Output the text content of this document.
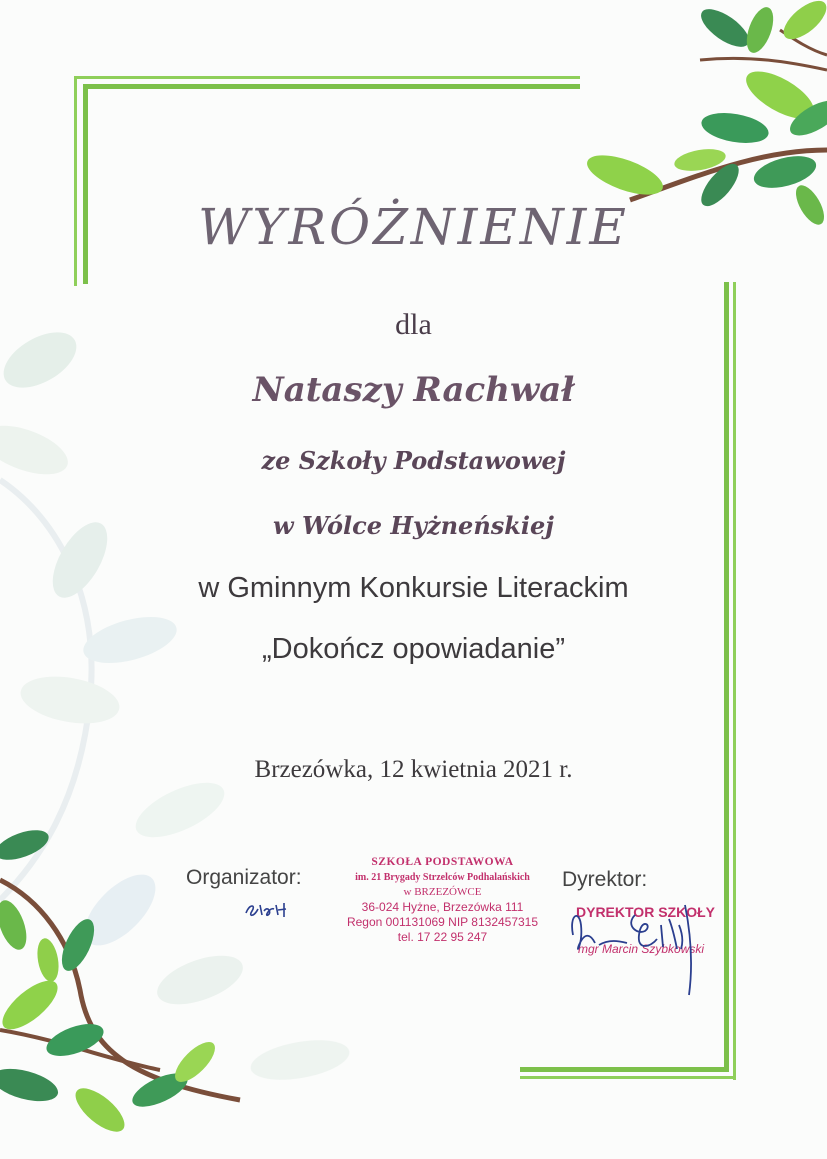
WYRÓŻNIENIE
dla
Nataszy Rachwał
ze Szkoły Podstawowej
w Wólce Hyżneńskiej
w Gminnym Konkursie Literackim
„Dokończ opowiadanie”
Brzezówka, 12 kwietnia 2021 r.
Organizator:	Dyrektor:
SZKOŁA PODSTAWOWA
im. 21 Brygady Strzelców Podhalańskich
w BRZEZÓWCE
36-024 Hyżne, Brzezówka 111
Regon 001131069 NIP 8132457315
tel. 17 22 95 247
DYREKTOR SZKOŁY
mgr Marcin Szybkowski
